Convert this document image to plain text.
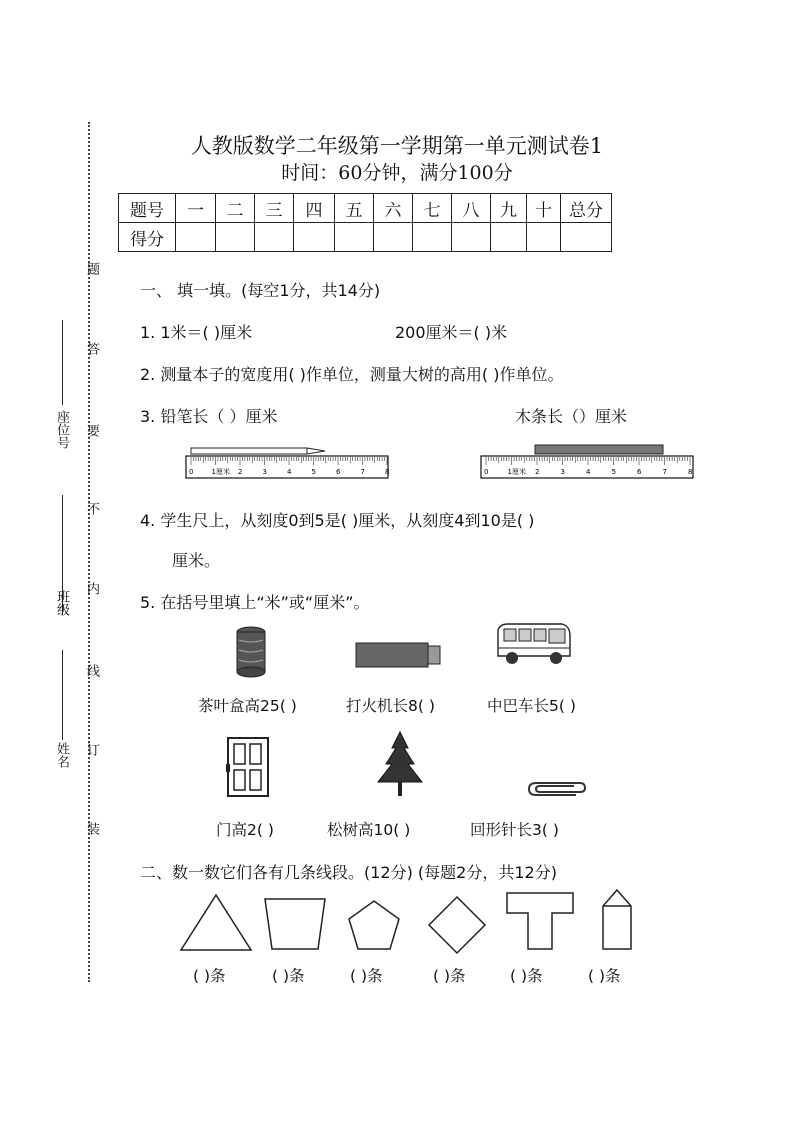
题
答
要
不
内
线
订
装
座位号
班级
姓名
人教版数学二年级第一学期第一单元测试卷1
时间：60分钟，满分100分
题号	一	二	三	四	五	六	七	八	九	十	总分
得分											
一、 填一填。(每空1分，共14分)
1. 1米＝( )厘米	200厘米＝( )米
2. 测量本子的宽度用( )作单位，测量大树的高用( )作单位。
3. 铅笔长（ ）厘米	木条长（）厘米
0	1厘米 2	3	4	5	6	7	8	0	1厘米 2	3	4	5	6	7	8
4. 学生尺上，从刻度0到5是( )厘米，从刻度4到10是( )
厘米。
5. 在括号里填上“米”或“厘米”。
茶叶盒高25( )	打火机长8( )	中巴车长5( )
门高2( )	松树高10( )	回形针长3( )
二、数一数它们各有几条线段。(12分) (每题2分，共12分)
( )条	( )条	( )条	( )条	( )条	( )条
